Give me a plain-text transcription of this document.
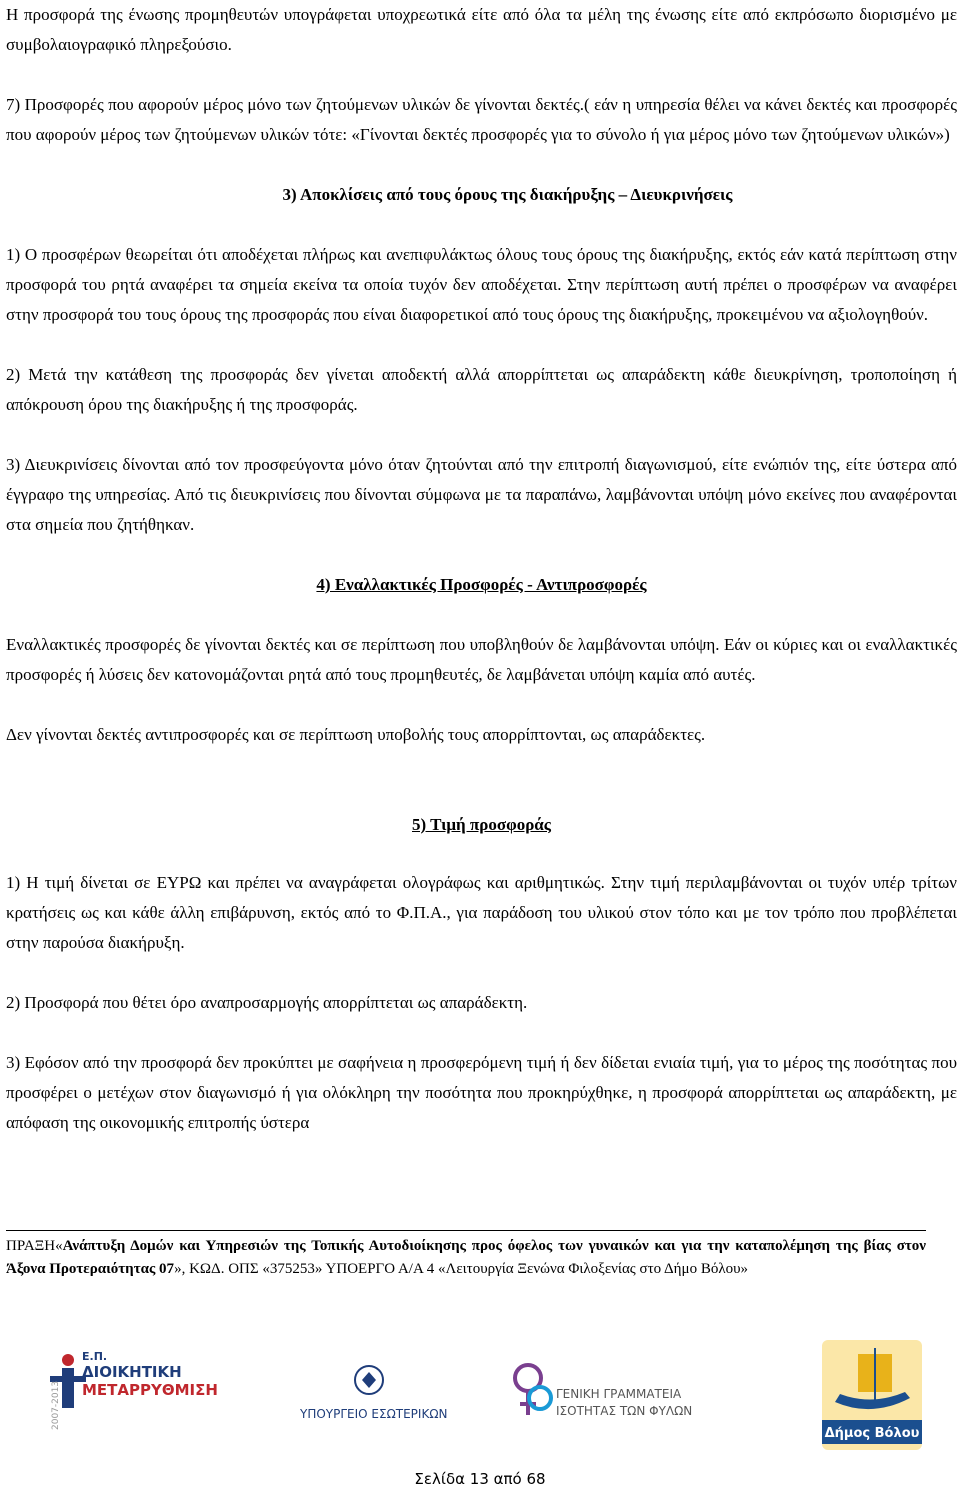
Η προσφορά της ένωσης προμηθευτών υπογράφεται υποχρεωτικά είτε από όλα τα μέλη της ένωσης είτε από εκπρόσωπο διορισμένο με συμβολαιογραφικό πληρεξούσιο.

7) Προσφορές που αφορούν μέρος μόνο των ζητούμενων υλικών δε γίνονται δεκτές.( εάν η υπηρεσία θέλει να κάνει δεκτές και προσφορές που αφορούν μέρος των ζητούμενων υλικών τότε: «Γίνονται δεκτές προσφορές για το σύνολο ή για μέρος μόνο των ζητούμενων υλικών»)

3) Αποκλίσεις από τους όρους της διακήρυξης – Διευκρινήσεις

1) Ο προσφέρων θεωρείται ότι αποδέχεται πλήρως και ανεπιφυλάκτως όλους τους όρους της διακήρυξης, εκτός εάν κατά περίπτωση στην προσφορά του ρητά αναφέρει τα σημεία εκείνα τα οποία τυχόν δεν αποδέχεται. Στην περίπτωση αυτή πρέπει ο προσφέρων να αναφέρει στην προσφορά του τους όρους της προσφοράς που είναι διαφορετικοί από τους όρους της διακήρυξης, προκειμένου να αξιολογηθούν.

2) Μετά την κατάθεση της προσφοράς δεν γίνεται αποδεκτή αλλά απορρίπτεται ως απαράδεκτη κάθε διευκρίνηση, τροποποίηση ή απόκρουση όρου της διακήρυξης ή της προσφοράς.

3) Διευκρινίσεις δίνονται από τον προσφεύγοντα μόνο όταν ζητούνται από την επιτροπή διαγωνισμού, είτε ενώπιόν της, είτε ύστερα από έγγραφο της υπηρεσίας. Από τις διευκρινίσεις που δίνονται σύμφωνα με τα παραπάνω, λαμβάνονται υπόψη μόνο εκείνες που αναφέρονται στα σημεία που ζητήθηκαν.

4) Εναλλακτικές Προσφορές - Αντιπροσφορές

Εναλλακτικές προσφορές δε γίνονται δεκτές και σε περίπτωση που υποβληθούν δε λαμβάνονται υπόψη. Εάν οι κύριες και οι εναλλακτικές προσφορές ή λύσεις δεν κατονομάζονται ρητά από τους προμηθευτές, δε λαμβάνεται υπόψη καμία από αυτές.

Δεν γίνονται δεκτές αντιπροσφορές και σε περίπτωση υποβολής τους απορρίπτονται, ως απαράδεκτες.

5) Τιμή προσφοράς

1) Η τιμή δίνεται σε ΕΥΡΩ και πρέπει να αναγράφεται ολογράφως και αριθμητικώς. Στην τιμή περιλαμβάνονται οι τυχόν υπέρ τρίτων κρατήσεις ως και κάθε άλλη επιβάρυνση, εκτός από το Φ.Π.Α., για παράδοση του υλικού στον τόπο και με τον τρόπο που προβλέπεται στην παρούσα διακήρυξη.

2) Προσφορά που θέτει όρο αναπροσαρμογής απορρίπτεται ως απαράδεκτη.

3) Εφόσον από την προσφορά δεν προκύπτει με σαφήνεια η προσφερόμενη τιμή ή δεν δίδεται ενιαία τιμή, για το μέρος της ποσότητας που προσφέρει ο μετέχων στον διαγωνισμό ή για ολόκληρη την ποσότητα που προκηρύχθηκε, η προσφορά απορρίπτεται ως απαράδεκτη, με απόφαση της οικονομικής επιτροπής ύστερα

ΠΡΑΞΗ«Ανάπτυξη Δομών και Υπηρεσιών της Τοπικής Αυτοδιοίκησης προς όφελος των γυναικών και για την καταπολέμηση της βίας στον Άξονα Προτεραιότητας 07», ΚΩΔ. ΟΠΣ «375253» ΥΠΟΕΡΓΟ Α/Α 4 «Λειτουργία Ξενώνα Φιλοξενίας στο Δήμο Βόλου»
2007-2013
Ε.Π.
ΔΙΟΙΚΗΤΙΚΗ
ΜΕΤΑΡΡΥΘΜΙΣΗ
ΥΠΟΥΡΓΕΙΟ ΕΣΩΤΕΡΙΚΩΝ
ΓΕΝΙΚΗ ΓΡΑΜΜΑΤΕΙΑ
ΙΣΟΤΗΤΑΣ ΤΩΝ ΦΥΛΩΝ
Δήμος Βόλου
Σελίδα 13 από 68
